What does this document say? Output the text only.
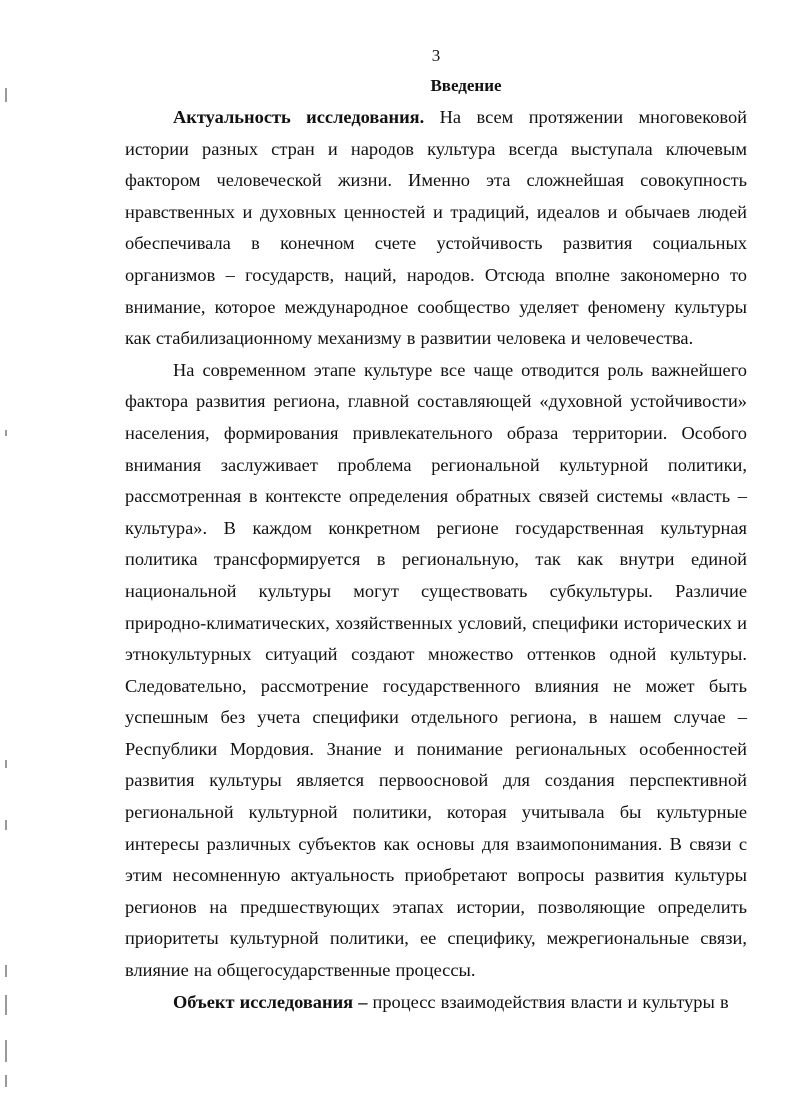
3
Введение

Актуальность исследования. На всем протяжении многовековой истории разных стран и народов культура всегда выступала ключевым фактором человеческой жизни. Именно эта сложнейшая совокупность нравственных и духовных ценностей и традиций, идеалов и обычаев людей обеспечивала в конечном счете устойчивость развития социальных организмов – государств, наций, народов. Отсюда вполне закономерно то внимание, которое международное сообщество уделяет феномену культуры как стабилизационному механизму в развитии человека и человечества.

На современном этапе культуре все чаще отводится роль важнейшего фактора развития региона, главной составляющей «духовной устойчивости» населения, формирования привлекательного образа территории. Особого внимания заслуживает проблема региональной культурной политики, рассмотренная в контексте определения обратных связей системы «власть – культура». В каждом конкретном регионе государственная культурная политика трансформируется в региональную, так как внутри единой национальной культуры могут существовать субкультуры. Различие природно-климатических, хозяйственных условий, специфики исторических и этнокультурных ситуаций создают множество оттенков одной культуры. Следовательно, рассмотрение государственного влияния не может быть успешным без учета специфики отдельного региона, в нашем случае – Республики Мордовия. Знание и понимание региональных особенностей развития культуры является первоосновой для создания перспективной региональной культурной политики, которая учитывала бы культурные интересы различных субъектов как основы для взаимопонимания. В связи с этим несомненную актуальность приобретают вопросы развития культуры регионов на предшествующих этапах истории, позволяющие определить приоритеты культурной политики, ее специфику, межрегиональные связи, влияние на общегосударственные процессы.

Объект исследования – процесс взаимодействия власти и культуры в
